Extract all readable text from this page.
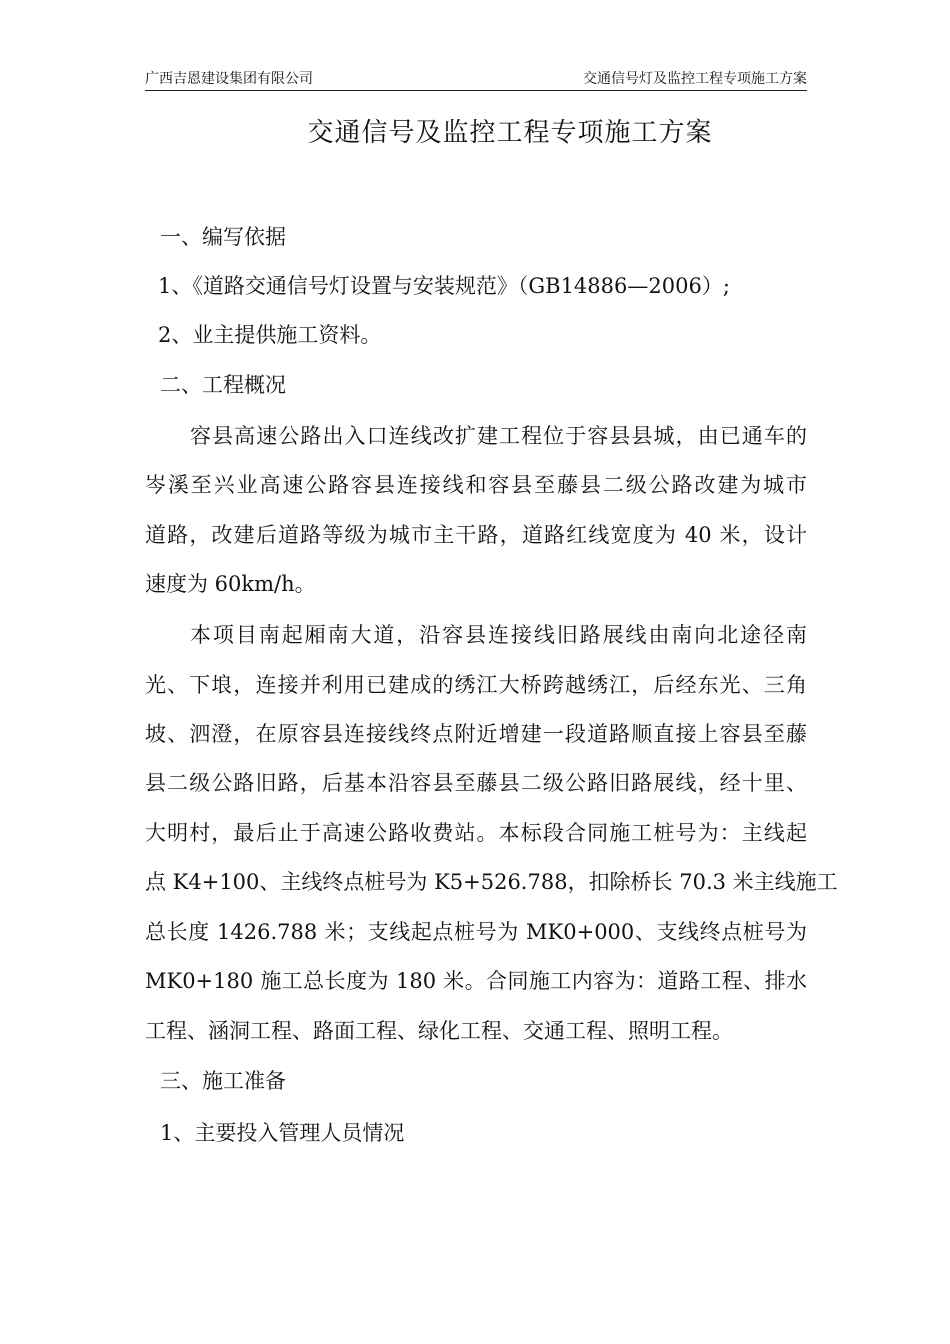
广西吉恩建设集团有限公司	交通信号灯及监控工程专项施工方案
交通信号及监控工程专项施工方案
一、编写依据
1、《道路交通信号灯设置与安装规范》（GB14886—2006）;
2、业主提供施工资料。
二、工程概况
容县高速公路出入口连线改扩建工程位于容县县城，由已通车的
岑溪至兴业高速公路容县连接线和容县至藤县二级公路改建为城市
道路，改建后道路等级为城市主干路，道路红线宽度为 40 米，设计
速度为 60km/h。
本项目南起厢南大道，沿容县连接线旧路展线由南向北途径南
光、下埌，连接并利用已建成的绣江大桥跨越绣江，后经东光、三角
坡、泗澄，在原容县连接线终点附近增建一段道路顺直接上容县至藤
县二级公路旧路，后基本沿容县至藤县二级公路旧路展线，经十里、
大明村，最后止于高速公路收费站。本标段合同施工桩号为：主线起
点 K4+100、主线终点桩号为 K5+526.788，扣除桥长 70.3 米主线施工
总长度 1426.788 米；支线起点桩号为 MK0+000、支线终点桩号为
MK0+180 施工总长度为 180 米。合同施工内容为：道路工程、排水
工程、涵洞工程、路面工程、绿化工程、交通工程、照明工程。
三、施工准备
1、主要投入管理人员情况
